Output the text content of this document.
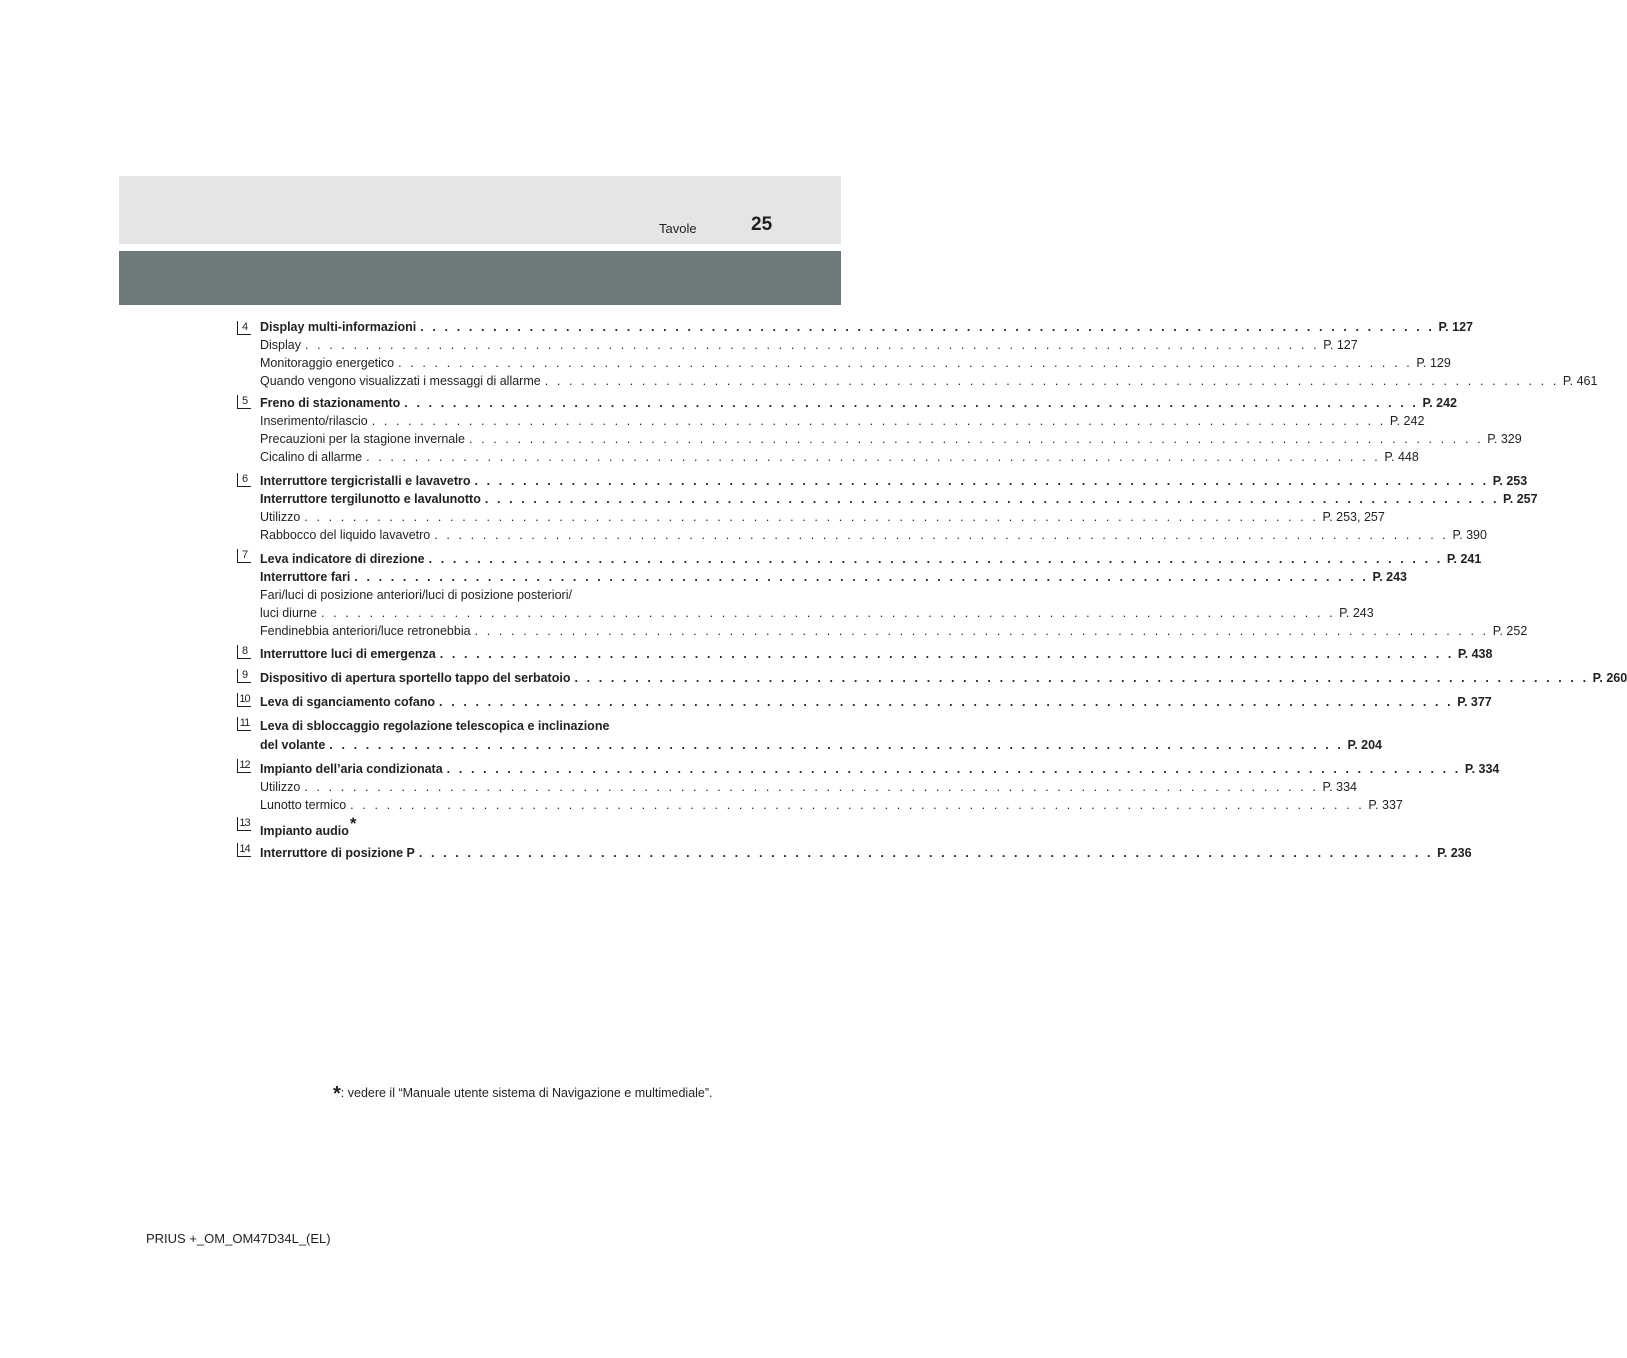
Tavole	25
4
5
6
7
8
9
10
11
12
13
14
Display multi-informazioni . . . . . . . . . . . . . . . . . . . . . . . . . . . . . . . . . . . . . . . . . . . . . . . . . . . . . . . . . . . . . . . . . . . . . . . . . . . . . . . . . . . . P. 127
Display . . . . . . . . . . . . . . . . . . . . . . . . . . . . . . . . . . . . . . . . . . . . . . . . . . . . . . . . . . . . . . . . . . . . . . . . . . . . . . . . . . . . P. 127
Monitoraggio energetico . . . . . . . . . . . . . . . . . . . . . . . . . . . . . . . . . . . . . . . . . . . . . . . . . . . . . . . . . . . . . . . . . . . . . . . . . . . . . . . . . . . . P. 129
Quando vengono visualizzati i messaggi di allarme . . . . . . . . . . . . . . . . . . . . . . . . . . . . . . . . . . . . . . . . . . . . . . . . . . . . . . . . . . . . . . . . . . . . . . . . . . . . . . . . . . . . P. 461
Freno di stazionamento . . . . . . . . . . . . . . . . . . . . . . . . . . . . . . . . . . . . . . . . . . . . . . . . . . . . . . . . . . . . . . . . . . . . . . . . . . . . . . . . . . . . P. 242
Inserimento/rilascio . . . . . . . . . . . . . . . . . . . . . . . . . . . . . . . . . . . . . . . . . . . . . . . . . . . . . . . . . . . . . . . . . . . . . . . . . . . . . . . . . . . . P. 242
Precauzioni per la stagione invernale . . . . . . . . . . . . . . . . . . . . . . . . . . . . . . . . . . . . . . . . . . . . . . . . . . . . . . . . . . . . . . . . . . . . . . . . . . . . . . . . . . . . P. 329
Cicalino di allarme . . . . . . . . . . . . . . . . . . . . . . . . . . . . . . . . . . . . . . . . . . . . . . . . . . . . . . . . . . . . . . . . . . . . . . . . . . . . . . . . . . . . P. 448
Interruttore tergicristalli e lavavetro . . . . . . . . . . . . . . . . . . . . . . . . . . . . . . . . . . . . . . . . . . . . . . . . . . . . . . . . . . . . . . . . . . . . . . . . . . . . . . . . . . . . P. 253
Interruttore tergilunotto e lavalunotto . . . . . . . . . . . . . . . . . . . . . . . . . . . . . . . . . . . . . . . . . . . . . . . . . . . . . . . . . . . . . . . . . . . . . . . . . . . . . . . . . . . . P. 257
Utilizzo . . . . . . . . . . . . . . . . . . . . . . . . . . . . . . . . . . . . . . . . . . . . . . . . . . . . . . . . . . . . . . . . . . . . . . . . . . . . . . . . . . . . P. 253, 257
Rabbocco del liquido lavavetro . . . . . . . . . . . . . . . . . . . . . . . . . . . . . . . . . . . . . . . . . . . . . . . . . . . . . . . . . . . . . . . . . . . . . . . . . . . . . . . . . . . . P. 390
Leva indicatore di direzione . . . . . . . . . . . . . . . . . . . . . . . . . . . . . . . . . . . . . . . . . . . . . . . . . . . . . . . . . . . . . . . . . . . . . . . . . . . . . . . . . . . . P. 241
Interruttore fari . . . . . . . . . . . . . . . . . . . . . . . . . . . . . . . . . . . . . . . . . . . . . . . . . . . . . . . . . . . . . . . . . . . . . . . . . . . . . . . . . . . . P. 243
Fari/luci di posizione anteriori/luci di posizione posteriori/
luci diurne . . . . . . . . . . . . . . . . . . . . . . . . . . . . . . . . . . . . . . . . . . . . . . . . . . . . . . . . . . . . . . . . . . . . . . . . . . . . . . . . . . . . P. 243
Fendinebbia anteriori/luce retronebbia . . . . . . . . . . . . . . . . . . . . . . . . . . . . . . . . . . . . . . . . . . . . . . . . . . . . . . . . . . . . . . . . . . . . . . . . . . . . . . . . . . . . P. 252
Interruttore luci di emergenza . . . . . . . . . . . . . . . . . . . . . . . . . . . . . . . . . . . . . . . . . . . . . . . . . . . . . . . . . . . . . . . . . . . . . . . . . . . . . . . . . . . . P. 438
Dispositivo di apertura sportello tappo del serbatoio . . . . . . . . . . . . . . . . . . . . . . . . . . . . . . . . . . . . . . . . . . . . . . . . . . . . . . . . . . . . . . . . . . . . . . . . . . . . . . . . . . . . P. 260
Leva di sganciamento cofano . . . . . . . . . . . . . . . . . . . . . . . . . . . . . . . . . . . . . . . . . . . . . . . . . . . . . . . . . . . . . . . . . . . . . . . . . . . . . . . . . . . . P. 377
Leva di sbloccaggio regolazione telescopica e inclinazione
del volante . . . . . . . . . . . . . . . . . . . . . . . . . . . . . . . . . . . . . . . . . . . . . . . . . . . . . . . . . . . . . . . . . . . . . . . . . . . . . . . . . . . . P. 204
Impianto dell’aria condizionata . . . . . . . . . . . . . . . . . . . . . . . . . . . . . . . . . . . . . . . . . . . . . . . . . . . . . . . . . . . . . . . . . . . . . . . . . . . . . . . . . . . . P. 334
Utilizzo . . . . . . . . . . . . . . . . . . . . . . . . . . . . . . . . . . . . . . . . . . . . . . . . . . . . . . . . . . . . . . . . . . . . . . . . . . . . . . . . . . . . P. 334
Lunotto termico . . . . . . . . . . . . . . . . . . . . . . . . . . . . . . . . . . . . . . . . . . . . . . . . . . . . . . . . . . . . . . . . . . . . . . . . . . . . . . . . . . . . P. 337
Impianto audio*
Interruttore di posizione P . . . . . . . . . . . . . . . . . . . . . . . . . . . . . . . . . . . . . . . . . . . . . . . . . . . . . . . . . . . . . . . . . . . . . . . . . . . . . . . . . . . . P. 236
*: vedere il “Manuale utente sistema di Navigazione e multimediale”.
PRIUS +_OM_OM47D34L_(EL)
